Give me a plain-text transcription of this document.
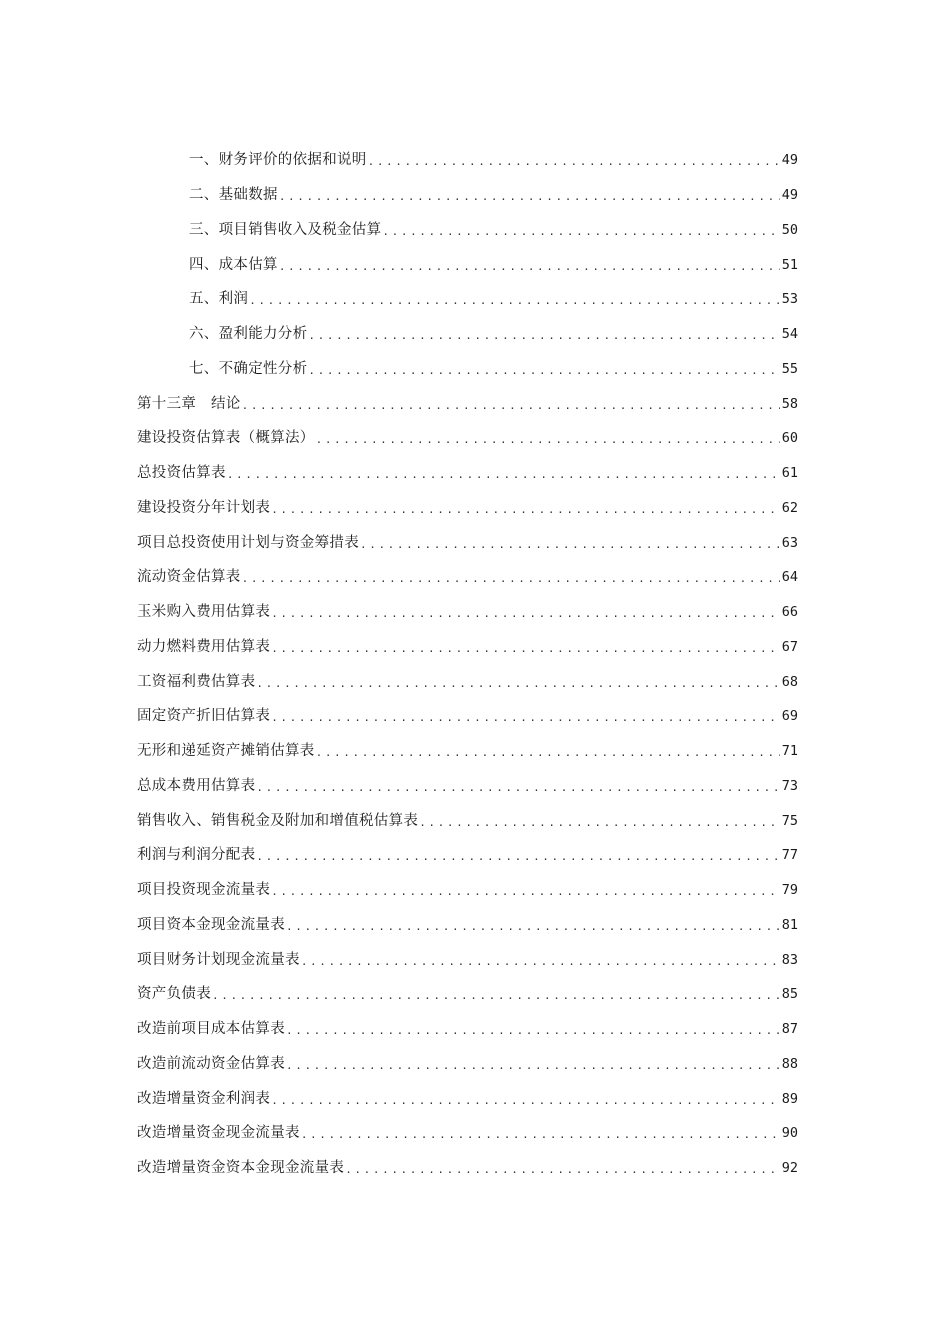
一、财务评价的依据和说明 .....	49
二、基础数据 .....	49
三、项目销售收入及税金估算 .....	50
四、成本估算 .....	51
五、利润 .....	53
六、盈利能力分析 .....	54
七、不确定性分析 .....	55
第十三章　结论 .....	58
建设投资估算表（概算法） .....	60
总投资估算表 .....	61
建设投资分年计划表 .....	62
项目总投资使用计划与资金筹措表 .....	63
流动资金估算表 .....	64
玉米购入费用估算表 .....	66
动力燃料费用估算表 .....	67
工资福利费估算表 .....	68
固定资产折旧估算表 .....	69
无形和递延资产摊销估算表 .....	71
总成本费用估算表 .....	73
销售收入、销售税金及附加和增值税估算表 .....	75
利润与利润分配表 .....	77
项目投资现金流量表 .....	79
项目资本金现金流量表 .....	81
项目财务计划现金流量表 .....	83
资产负债表 .....	85
改造前项目成本估算表 .....	87
改造前流动资金估算表 .....	88
改造增量资金利润表 .....	89
改造增量资金现金流量表 .....	90
改造增量资金资本金现金流量表 .....	92
